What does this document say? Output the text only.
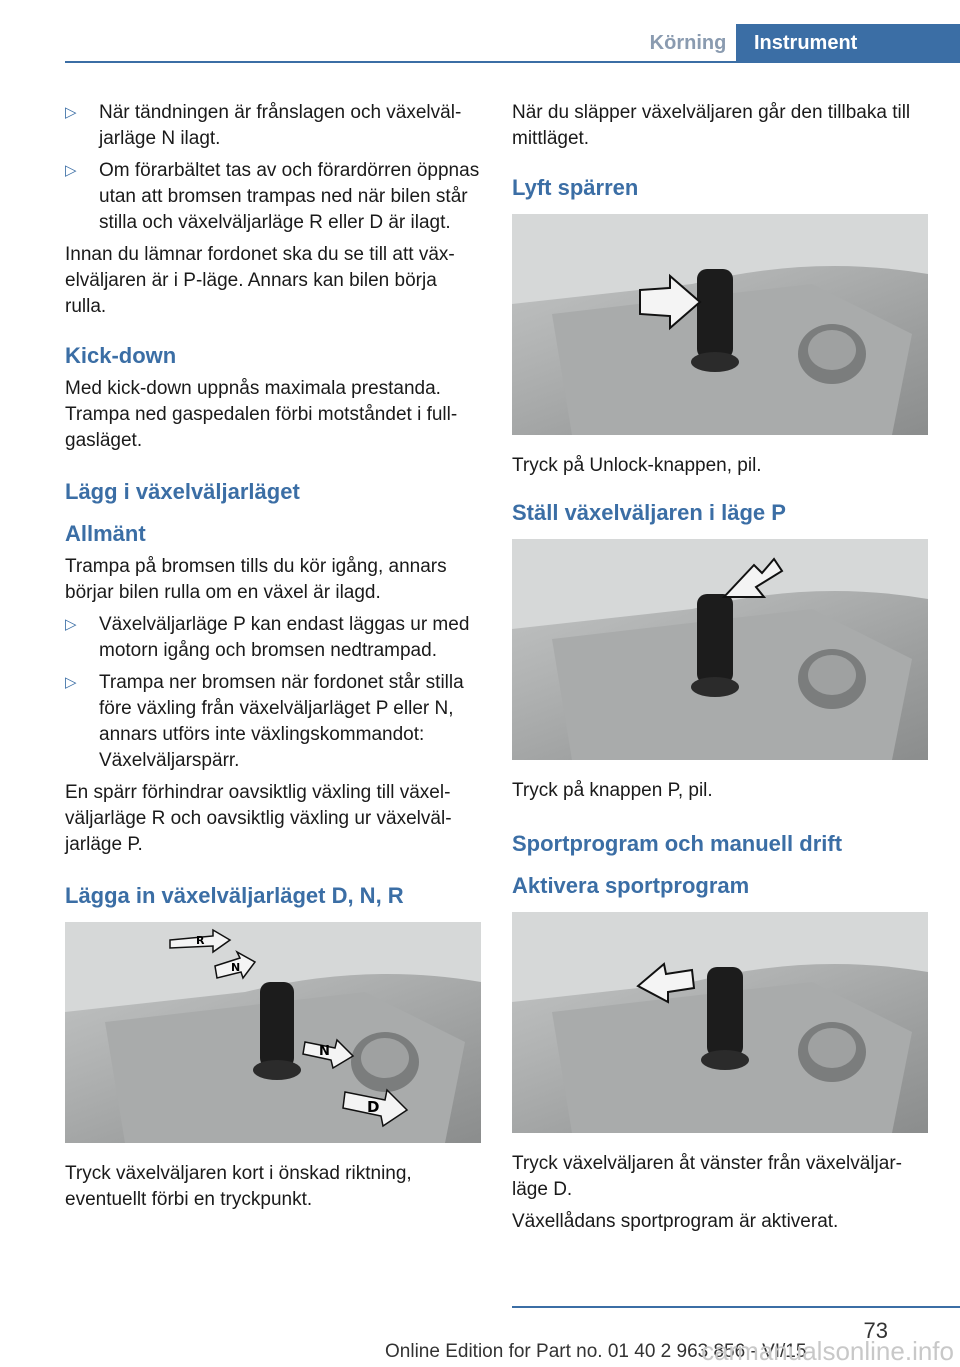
Körning	Instrument
▷	När tändningen är frånslagen och växelväljarläge N ilagt.
▷	Om förarbältet tas av och förardörren öppnas utan att bromsen trampas ned när bilen står stilla och växelväljarläge R eller D är ilagt.

Innan du lämnar fordonet ska du se till att växelväljaren är i P-läge. Annars kan bilen börja rulla.

Kick-down

Med kick-down uppnås maximala prestanda. Trampa ned gaspedalen förbi motståndet i fullgasläget.

Lägg i växelväljarläget
Allmänt

Trampa på bromsen tills du kör igång, annars börjar bilen rulla om en växel är ilagd.

▷	Växelväljarläge P kan endast läggas ur med motorn igång och bromsen nedtrampad.
▷	Trampa ner bromsen när fordonet står stilla före växling från växelväljarläget P eller N, annars utförs inte växlingskommandot: Växelväljarspärr.

En spärr förhindrar oavsiktlig växling till växelväljarläge R och oavsiktlig växling ur växelväljarläge P.

Lägga in växelväljarläget D, N, R
R
N
N
D

Tryck växelväljaren kort i önskad riktning, eventuellt förbi en tryckpunkt.

När du släpper växelväljaren går den tillbaka till mittläget.

Lyft spärren

Tryck på Unlock-knappen, pil.

Ställ växelväljaren i läge P

Tryck på knappen P, pil.

Sportprogram och manuell drift
Aktivera sportprogram

Tryck växelväljaren åt vänster från växelväljarläge D.

Växellådans sportprogram är aktiverat.

73
Online Edition for Part no. 01 40 2 963 856 - VI/15
carmanualsonline.info
